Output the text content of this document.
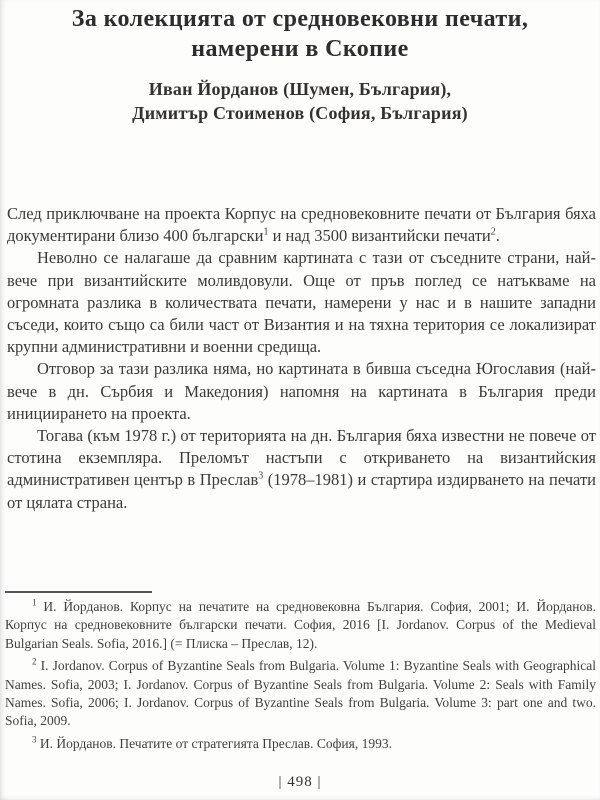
За колекцията от средновековни печати,
намерени в Скопие
Иван Йорданов (Шумен, България),
Димитър Стоименов (София, България)

След приключване на проекта Корпус на средновековните печати от България бяха документирани близо 400 български$^1$ и над 3500 византийски печати$^2$.

Неволно се налагаше да сравним картината с тази от съседните страни, най-вече при византийските моливдовули. Още от пръв поглед се натъкваме на огромната разлика в количествата печати, намерени у нас и в нашите западни съседи, които също са били част от Византия и на тяхна територия се локализират крупни административни и военни средища.

Отговор за тази разлика няма, но картината в бивша съседна Югославия (най-вече в дн. Сърбия и Македония) напомня на картината в България преди инициирането на проекта.

Тогава (към 1978 г.) от територията на дн. България бяха известни не повече от стотина екземпляра. Преломът настъпи с откриването на византийския административен център в Преслав$^3$ (1978–1981) и стартира издирването на печати от цялата страна.

$^1$ И. Йорданов. Корпус на печатите на средновековна България. София, 2001; И. Йорданов. Корпус на средновековните български печати. София, 2016 [I. Jordanov. Corpus of the Medieval Bulgarian Seals. Sofia, 2016.] (= Плиска – Преслав, 12).

$^2$ I. Jordanov. Corpus of Byzantine Seals from Bulgaria. Volume 1: Byzantine Seals with Geographical Names. Sofia, 2003; I. Jordanov. Corpus of Byzantine Seals from Bulgaria. Volume 2: Seals with Family Names. Sofia, 2006; I. Jordanov. Corpus of Byzantine Seals from Bulgaria. Volume 3: part one and two. Sofia, 2009.

$^3$ И. Йорданов. Печатите от стратегията Преслав. София, 1993.

| 498 |
